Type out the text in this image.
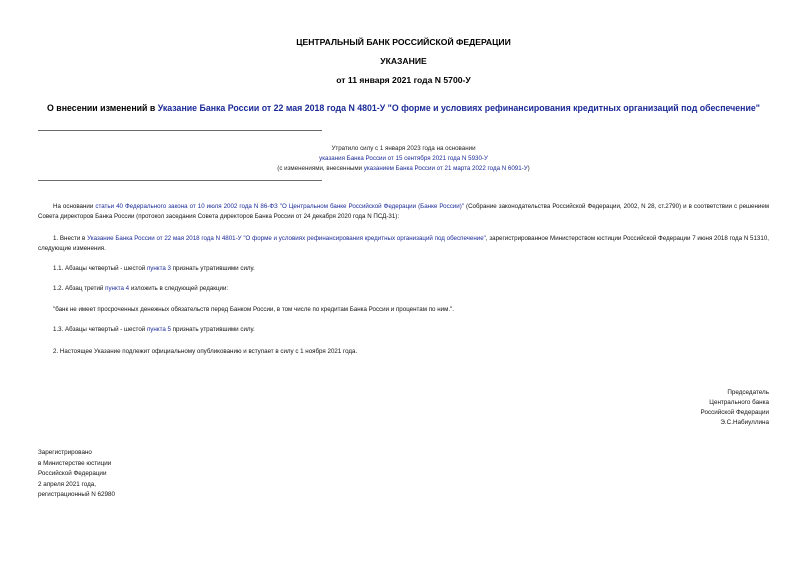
ЦЕНТРАЛЬНЫЙ БАНК РОССИЙСКОЙ ФЕДЕРАЦИИ
УКАЗАНИЕ
от 11 января 2021 года N 5700-У
О внесении изменений в Указание Банка России от 22 мая 2018 года N 4801-У "О форме и условиях рефинансирования кредитных организаций под обеспечение"
Утратило силу с 1 января 2023 года на основании
указания Банка России от 15 сентября 2021 года N 5930-У
(с изменениями, внесенными указанием Банка России от 21 марта 2022 года N 6091-У)
На основании статьи 40 Федерального закона от 10 июля 2002 года N 86-ФЗ "О Центральном банке Российской Федерации (Банке России)" (Собрание законодательства Российской Федерации, 2002, N 28, ст.2790) и в соответствии с решением Совета директоров Банка России (протокол заседания Совета директоров Банка России от 24 декабря 2020 года N ПСД-31):
1. Внести в Указание Банка России от 22 мая 2018 года N 4801-У "О форме и условиях рефинансирования кредитных организаций под обеспечение", зарегистрированное Министерством юстиции Российской Федерации 7 июня 2018 года N 51310, следующие изменения.
1.1. Абзацы четвертый - шестой пункта 3 признать утратившими силу.
1.2. Абзац третий пункта 4 изложить в следующей редакции:
"банк не имеет просроченных денежных обязательств перед Банком России, в том числе по кредитам Банка России и процентам по ним.".
1.3. Абзацы четвертый - шестой пункта 5 признать утратившими силу.
2. Настоящее Указание подлежит официальному опубликованию и вступает в силу с 1 ноября 2021 года.
Председатель
Центрального банка
Российской Федерации
Э.С.Набиуллина
Зарегистрировано
в Министерстве юстиции
Российской Федерации
2 апреля 2021 года,
регистрационный N 62980
